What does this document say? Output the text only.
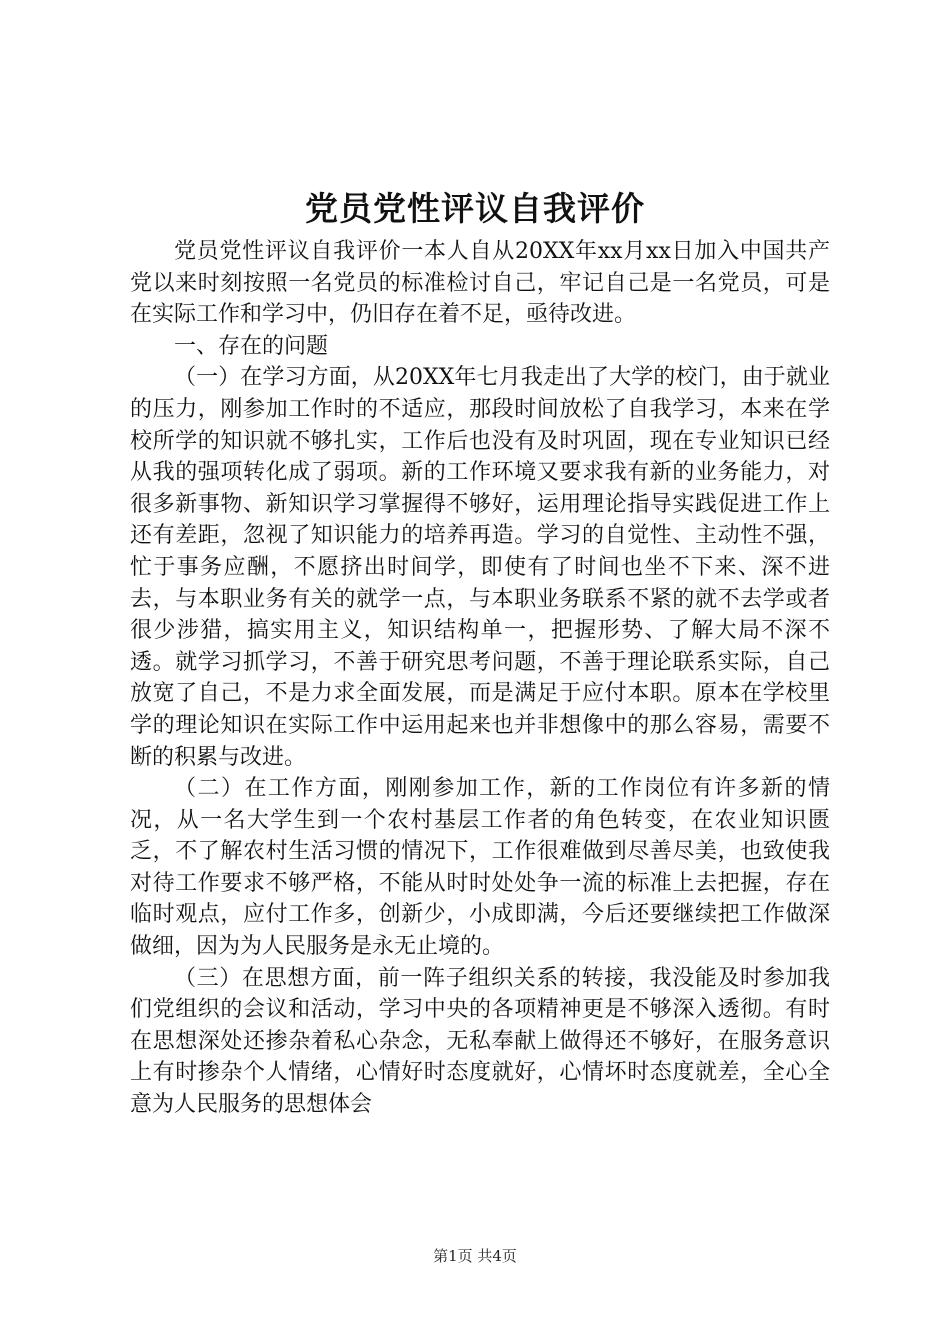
党员党性评议自我评价

党员党性评议自我评价一本人自从20XX年xx月xx日加入中国共产党以来时刻按照一名党员的标准检讨自己，牢记自己是一名党员，可是在实际工作和学习中，仍旧存在着不足，亟待改进。

一、存在的问题

（一）在学习方面，从20XX年七月我走出了大学的校门，由于就业的压力，刚参加工作时的不适应，那段时间放松了自我学习，本来在学校所学的知识就不够扎实，工作后也没有及时巩固，现在专业知识已经从我的强项转化成了弱项。新的工作环境又要求我有新的业务能力，对很多新事物、新知识学习掌握得不够好，运用理论指导实践促进工作上还有差距，忽视了知识能力的培养再造。学习的自觉性、主动性不强，忙于事务应酬，不愿挤出时间学，即使有了时间也坐不下来、深不进去，与本职业务有关的就学一点，与本职业务联系不紧的就不去学或者很少涉猎，搞实用主义，知识结构单一，把握形势、了解大局不深不透。就学习抓学习，不善于研究思考问题，不善于理论联系实际，自己放宽了自己，不是力求全面发展，而是满足于应付本职。原本在学校里学的理论知识在实际工作中运用起来也并非想像中的那么容易，需要不断的积累与改进。

（二）在工作方面，刚刚参加工作，新的工作岗位有许多新的情况，从一名大学生到一个农村基层工作者的角色转变，在农业知识匮乏，不了解农村生活习惯的情况下，工作很难做到尽善尽美，也致使我对待工作要求不够严格，不能从时时处处争一流的标准上去把握，存在临时观点，应付工作多，创新少，小成即满，今后还要继续把工作做深做细，因为为人民服务是永无止境的。

（三）在思想方面，前一阵子组织关系的转接，我没能及时参加我们党组织的会议和活动，学习中央的各项精神更是不够深入透彻。有时在思想深处还掺杂着私心杂念，无私奉献上做得还不够好，在服务意识上有时掺杂个人情绪，心情好时态度就好，心情坏时态度就差，全心全意为人民服务的思想体会

第1页 共4页
